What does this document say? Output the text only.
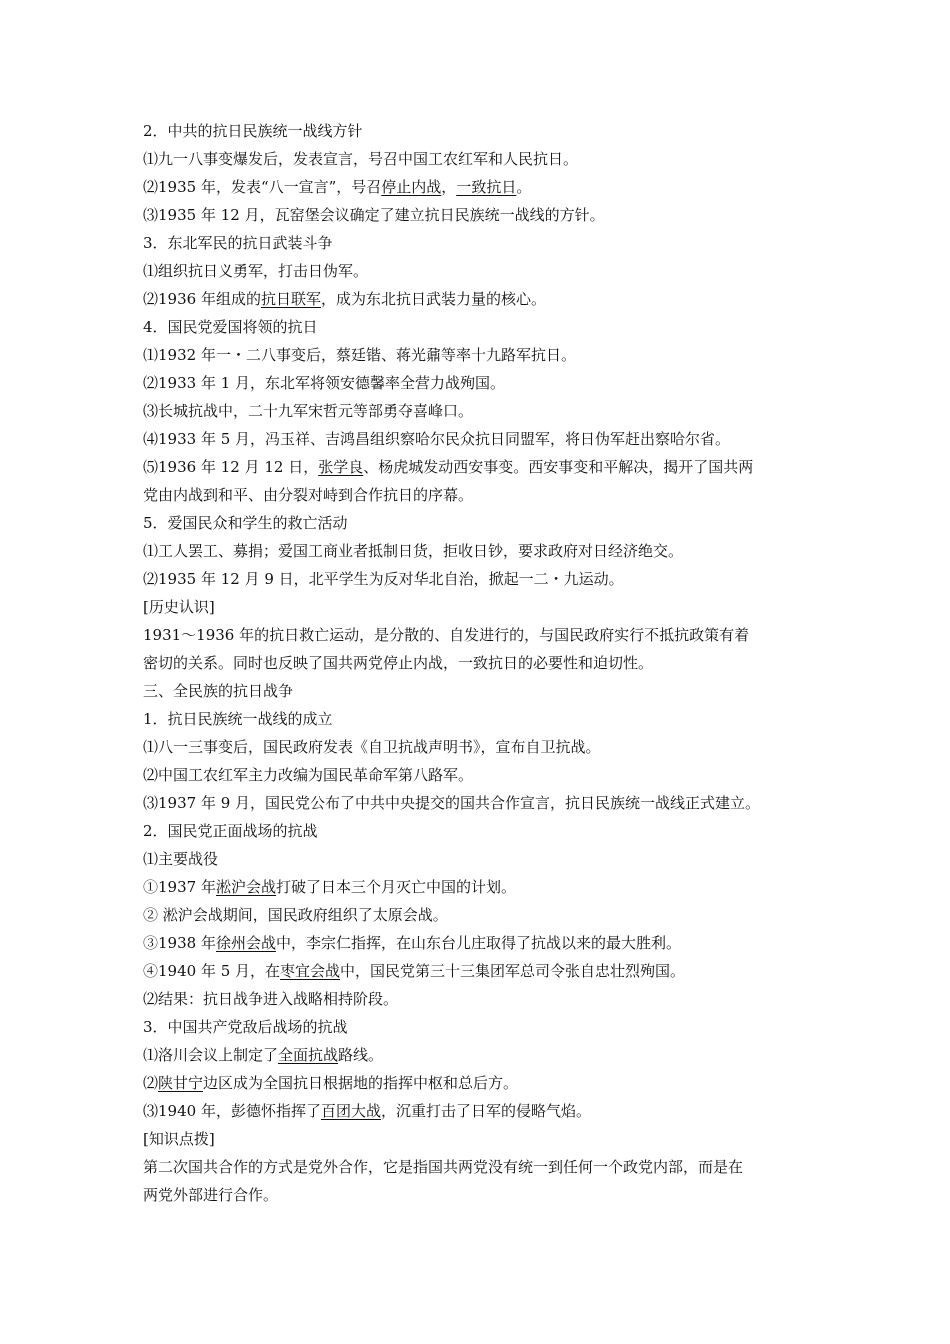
2．中共的抗日民族统一战线方针
⑴九一八事变爆发后，发表宣言，号召中国工农红军和人民抗日。
⑵1935 年，发表“八一宣言”，号召停止内战，一致抗日。
⑶1935 年 12 月，瓦窑堡会议确定了建立抗日民族统一战线的方针。
3．东北军民的抗日武装斗争
⑴组织抗日义勇军，打击日伪军。
⑵1936 年组成的抗日联军，成为东北抗日武装力量的核心。
4．国民党爱国将领的抗日
⑴1932 年一・二八事变后，蔡廷锴、蒋光鼐等率十九路军抗日。
⑵1933 年 1 月，东北军将领安德馨率全营力战殉国。
⑶长城抗战中，二十九军宋哲元等部勇夺喜峰口。
⑷1933 年 5 月，冯玉祥、吉鸿昌组织察哈尔民众抗日同盟军，将日伪军赶出察哈尔省。
⑸1936 年 12 月 12 日，张学良、杨虎城发动西安事变。西安事变和平解决，揭开了国共两
党由内战到和平、由分裂对峙到合作抗日的序幕。
5．爱国民众和学生的救亡活动
⑴工人罢工、募捐；爱国工商业者抵制日货，拒收日钞，要求政府对日经济绝交。
⑵1935 年 12 月 9 日，北平学生为反对华北自治，掀起一二・九运动。
[历史认识]
1931～1936 年的抗日救亡运动，是分散的、自发进行的，与国民政府实行不抵抗政策有着
密切的关系。同时也反映了国共两党停止内战，一致抗日的必要性和迫切性。
三、全民族的抗日战争
1．抗日民族统一战线的成立
⑴八一三事变后，国民政府发表《自卫抗战声明书》，宣布自卫抗战。
⑵中国工农红军主力改编为国民革命军第八路军。
⑶1937 年 9 月，国民党公布了中共中央提交的国共合作宣言，抗日民族统一战线正式建立。
2．国民党正面战场的抗战
⑴主要战役
①1937 年淞沪会战打破了日本三个月灭亡中国的计划。
② 淞沪会战期间，国民政府组织了太原会战。
③1938 年徐州会战中，李宗仁指挥，在山东台儿庄取得了抗战以来的最大胜利。
④1940 年 5 月，在枣宜会战中，国民党第三十三集团军总司令张自忠壮烈殉国。
⑵结果：抗日战争进入战略相持阶段。
3．中国共产党敌后战场的抗战
⑴洛川会议上制定了全面抗战路线。
⑵陕甘宁边区成为全国抗日根据地的指挥中枢和总后方。
⑶1940 年，彭德怀指挥了百团大战，沉重打击了日军的侵略气焰。
[知识点拨]
第二次国共合作的方式是党外合作，它是指国共两党没有统一到任何一个政党内部，而是在
两党外部进行合作。
